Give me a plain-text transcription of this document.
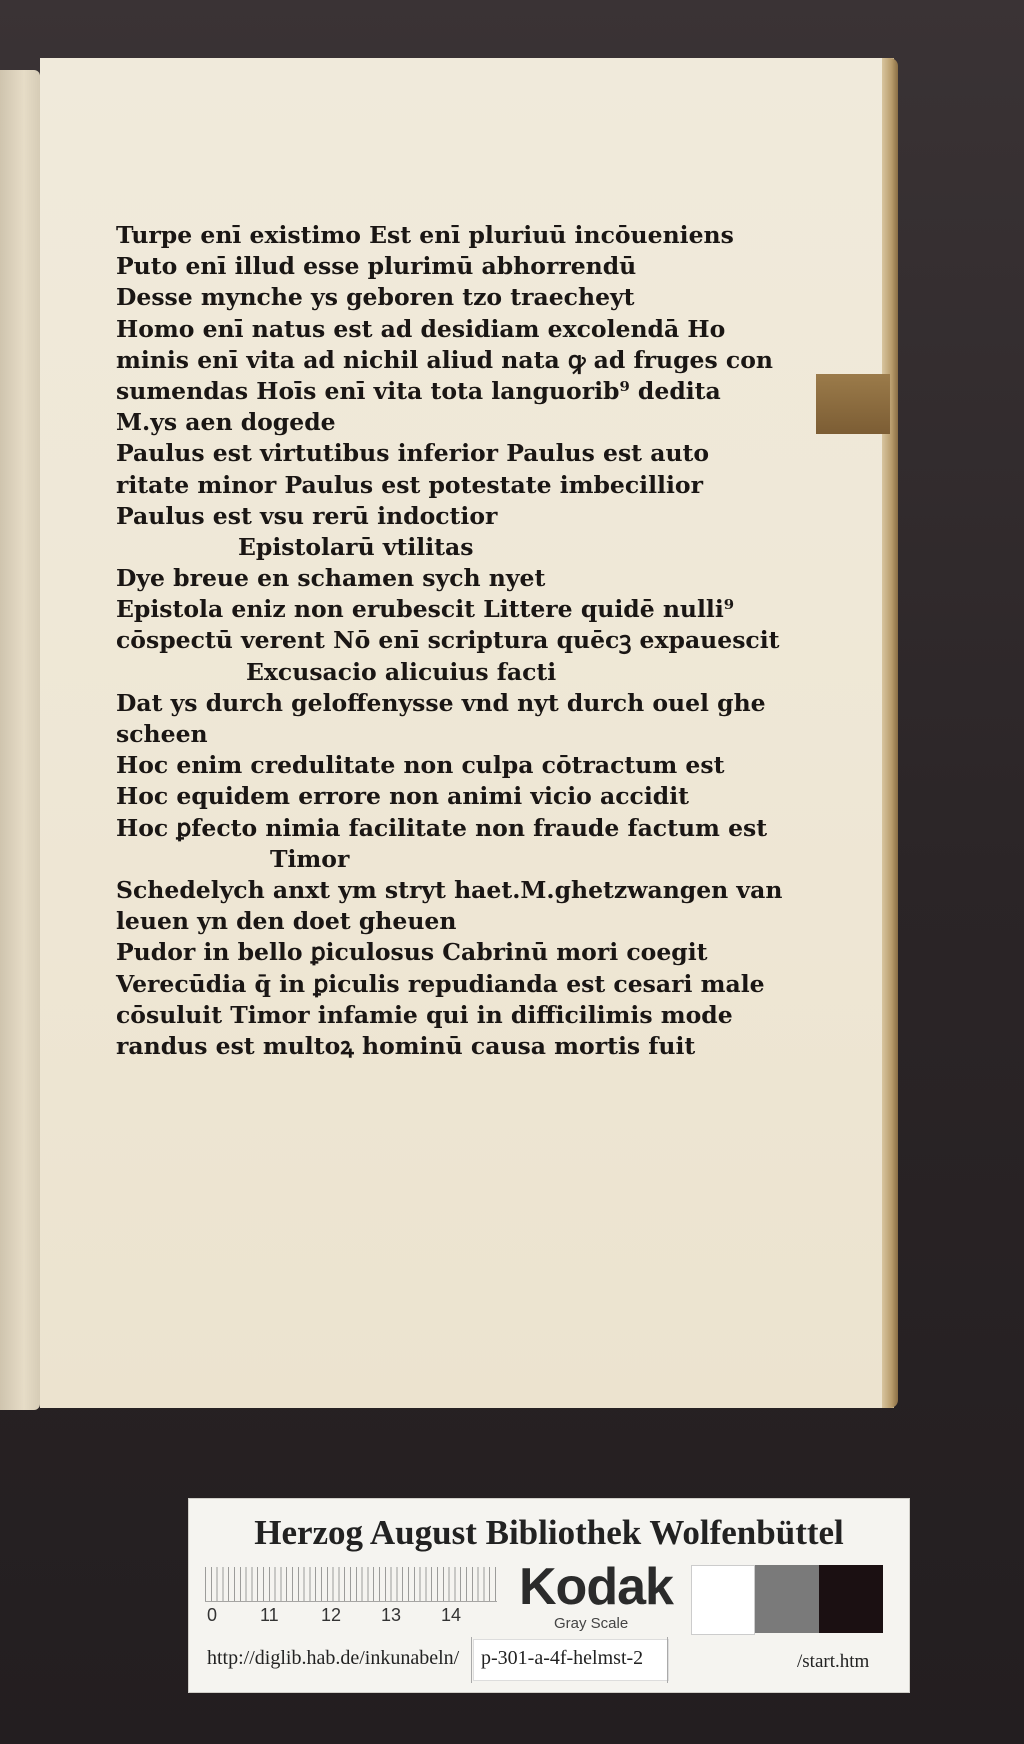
Turpe enī existimo Est enī pluriuū incōueniens
Puto enī illud esse plurimū abhorrendū
Desse mynche ys geboren tzo traecheyt
Homo enī natus est ad desidiam excolendā Ho
minis enī vita ad nichil aliud nata ꝙ ad fruges con
sumendas Hoīs enī vita tota languorib⁹ dedita
M.ys aen dogede
Paulus est virtutibus inferior Paulus est auto
ritate minor Paulus est potestate imbecillior
Paulus est vsu rerū indoctior
Epistolarū vtilitas
Dye breue en schamen sych nyet
Epistola eniz non erubescit Littere quidē nulli⁹
cōspectū verent Nō enī scriptura quēcꝫ expauescit
Excusacio alicuius facti
Dat ys durch geloffenysse vnd nyt durch ouel ghe
scheen
Hoc enim credulitate non culpa cōtractum est
Hoc equidem errore non animi vicio accidit
Hoc ꝑfecto nimia facilitate non fraude factum est
Timor
Schedelych anxt ym stryt haet.M.ghetzwangen van
leuen yn den doet gheuen
Pudor in bello ꝑiculosus Cabrinū mori coegit
Verecūdia q̄ in ꝑiculis repudianda est cesari male
cōsuluit Timor infamie qui in difficilimis mode
randus est multoꝝ hominū causa mortis fuit
Herzog August Bibliothek Wolfenbüttel
0 11 12 13 14 Kodak
Gray Scale
http://diglib.hab.de/inkunabeln/ p-301-a-4f-helmst-2	/start.htm
